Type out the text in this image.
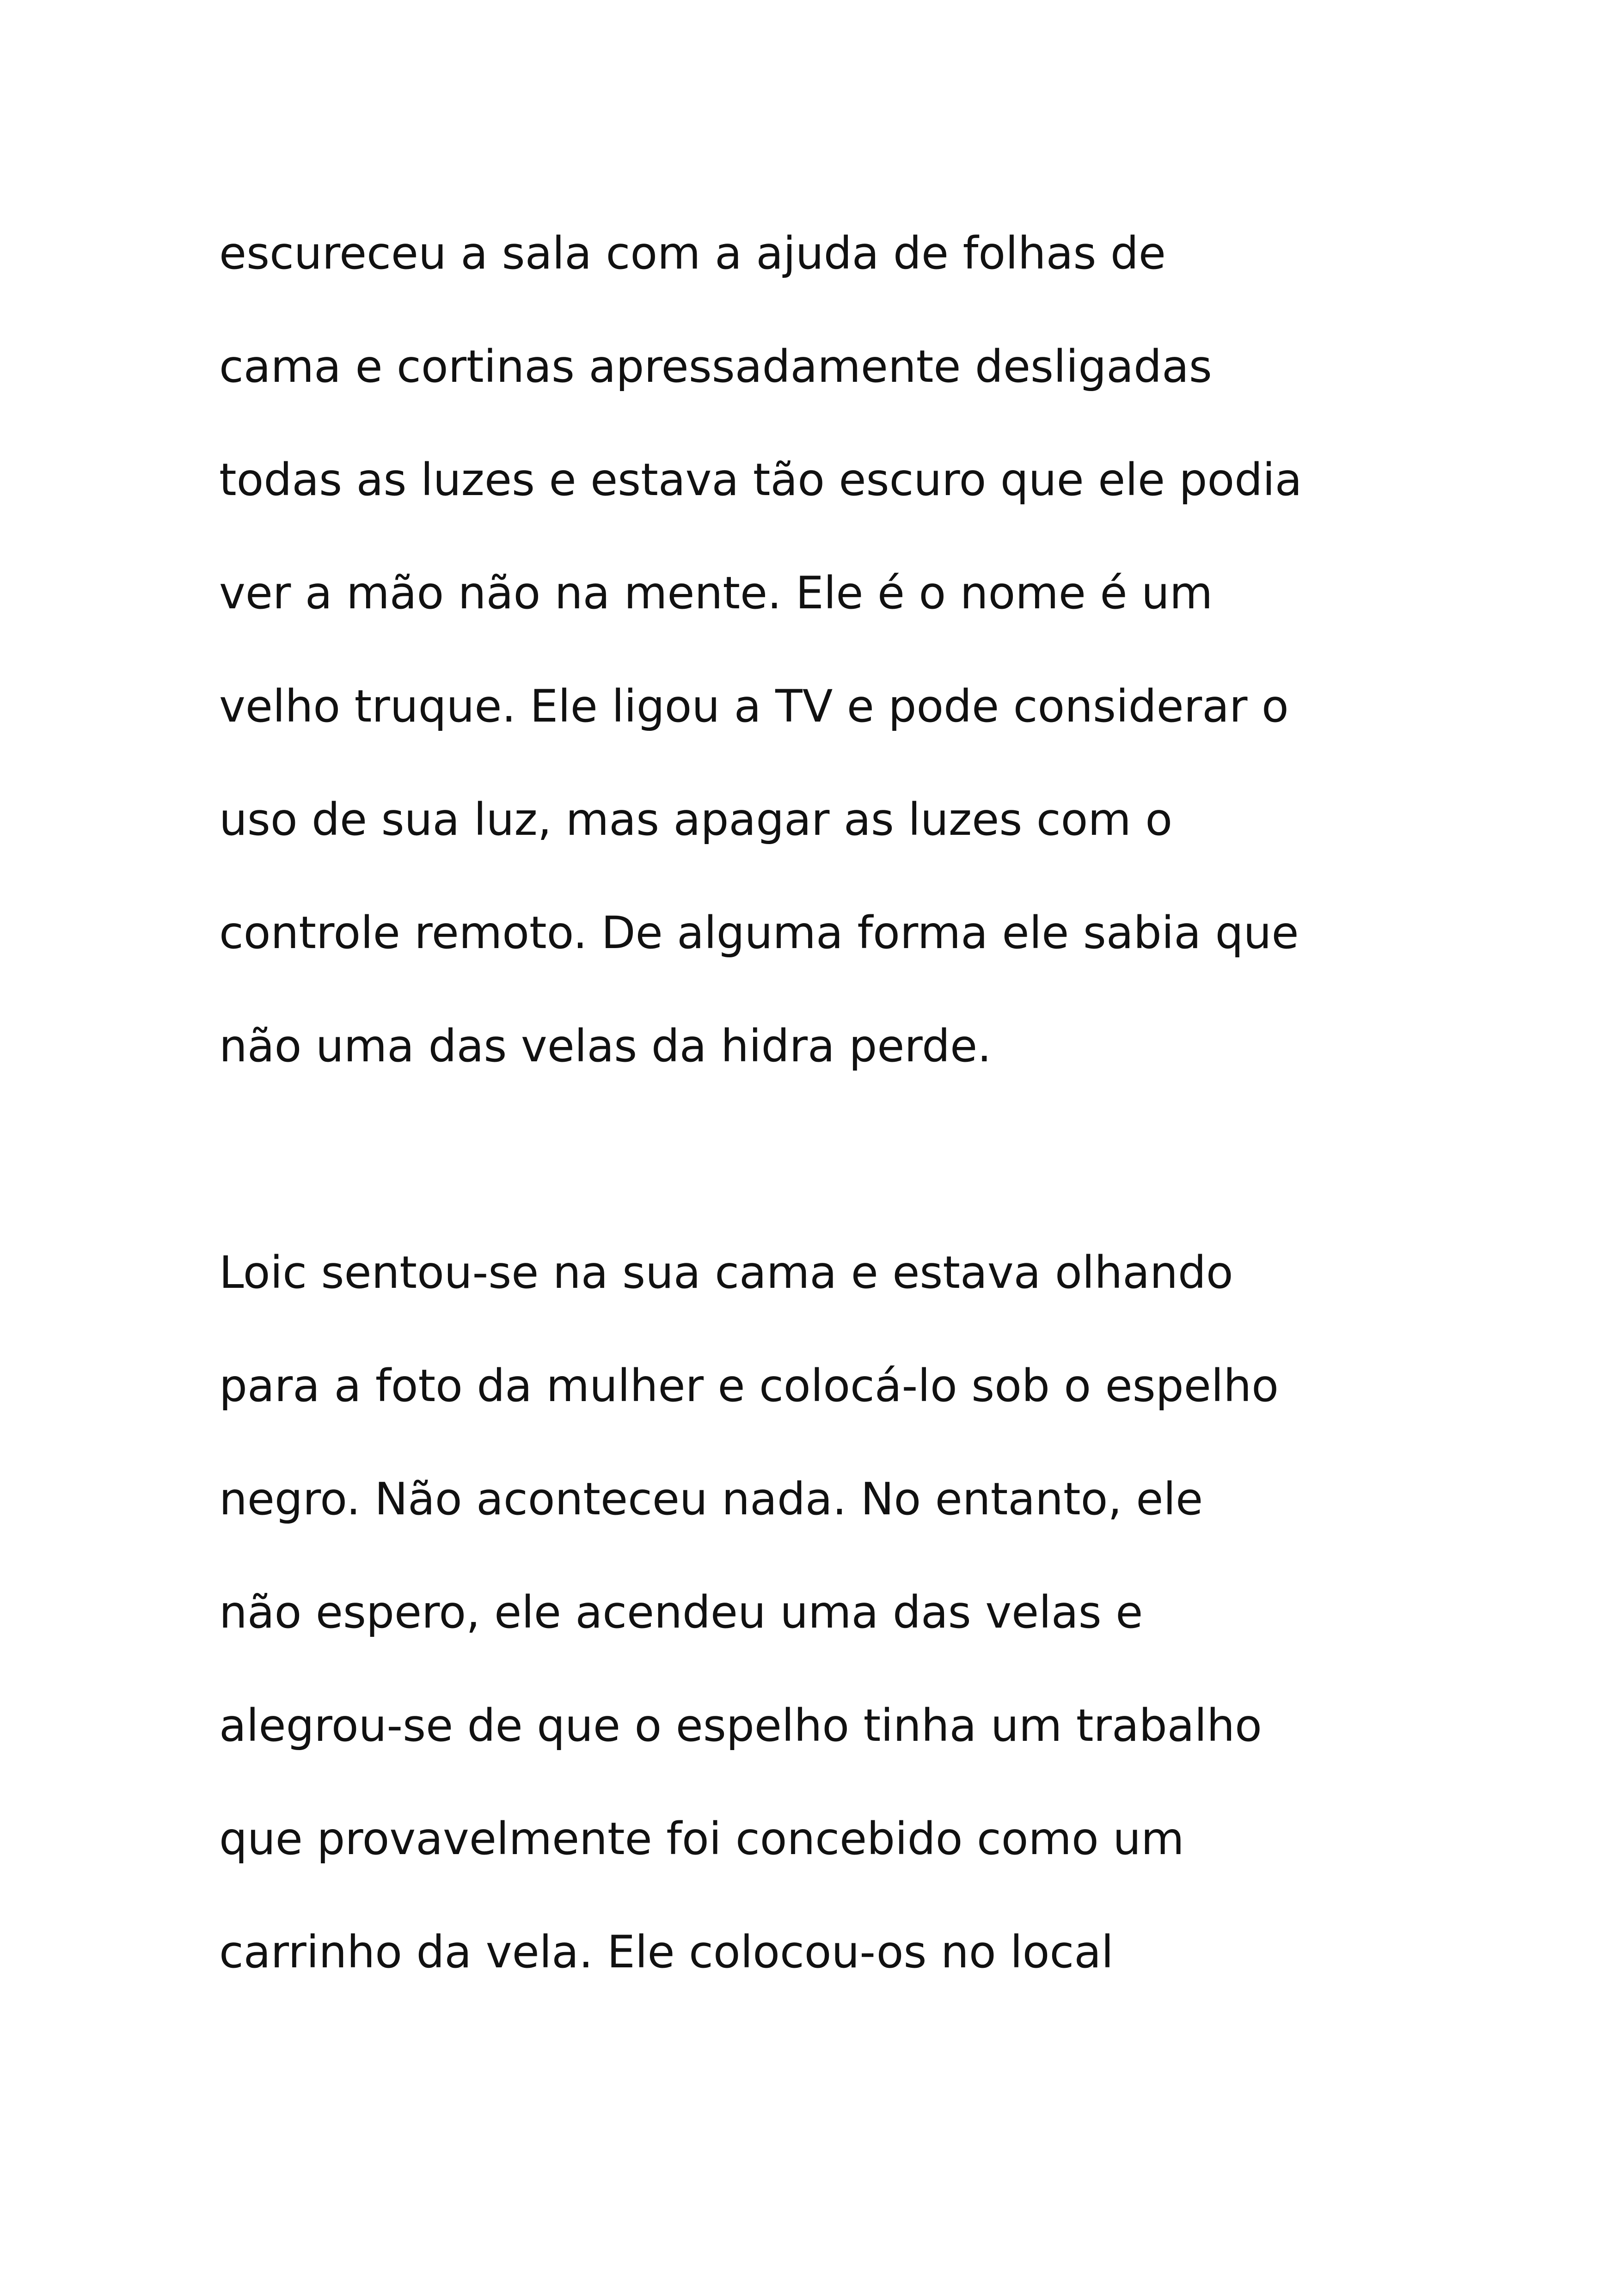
escureceu a sala com a ajuda de folhas de

cama e cortinas apressadamente desligadas

todas as luzes e estava tão escuro que ele podia

ver a mão não na mente. Ele é o nome é um

velho truque. Ele ligou a TV e pode considerar o

uso de sua luz, mas apagar as luzes com o

controle remoto. De alguma forma ele sabia que

não uma das velas da hidra perde.

Loic sentou-se na sua cama e estava olhando

para a foto da mulher e colocá-lo sob o espelho

negro. Não aconteceu nada. No entanto, ele

não espero, ele acendeu uma das velas e

alegrou-se de que o espelho tinha um trabalho

que provavelmente foi concebido como um

carrinho da vela. Ele colocou-os no local
